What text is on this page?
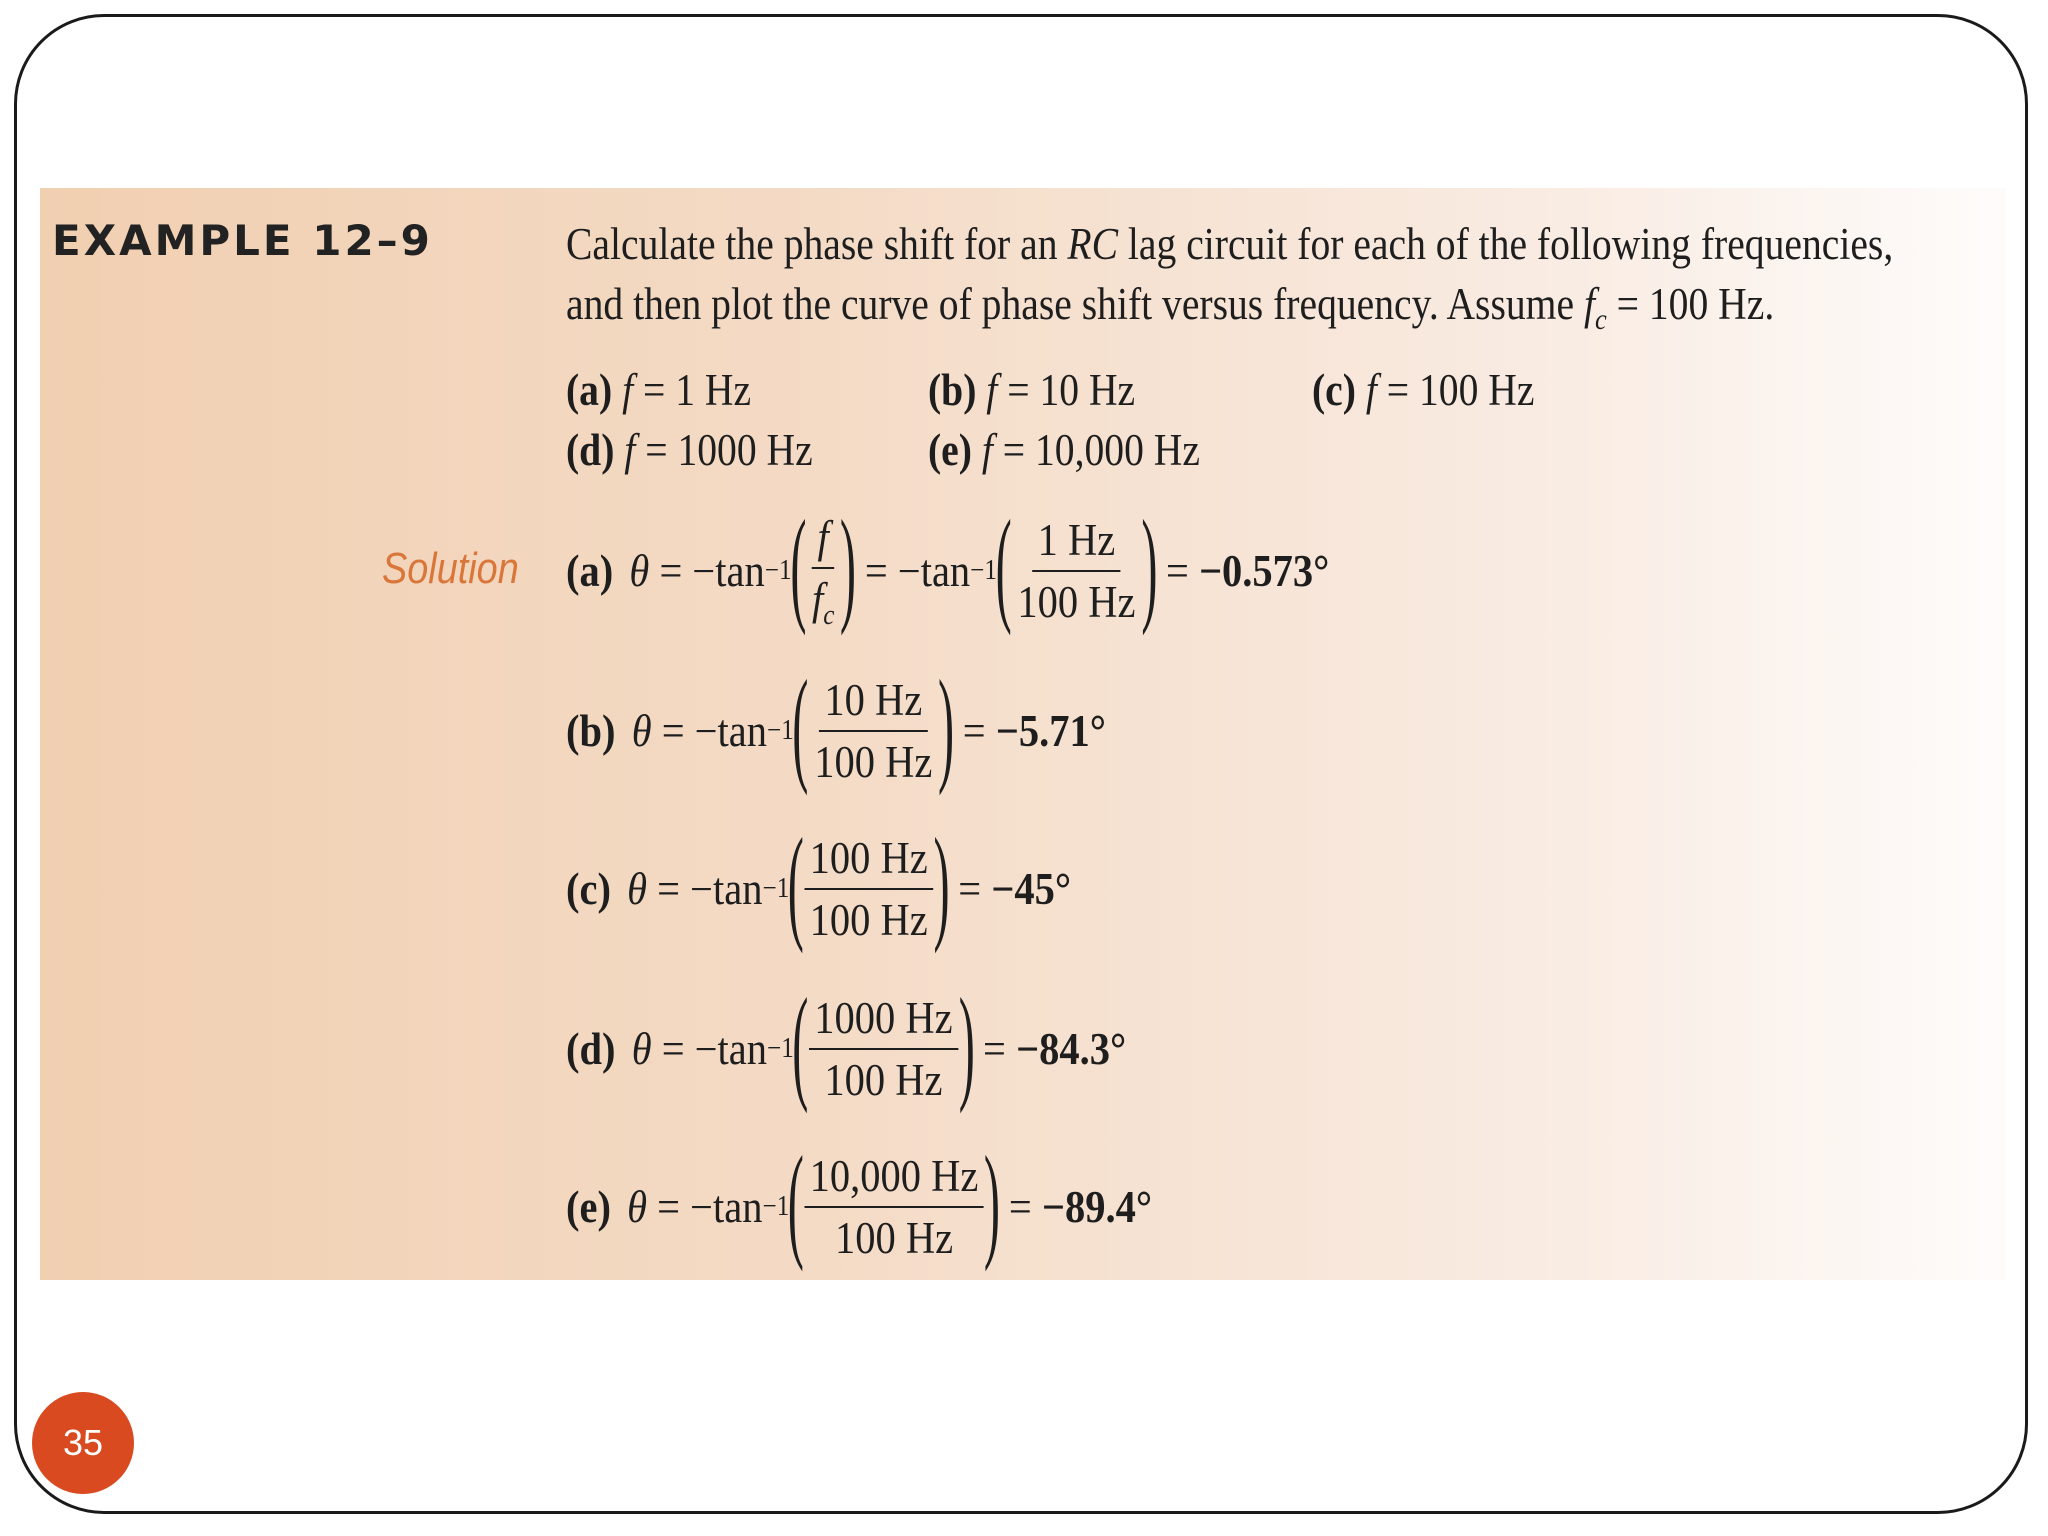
EXAMPLE 12–9	Calculate the phase shift for an RC lag circuit for each of the following frequencies,
and then plot the curve of phase shift versus frequency. Assume $f_c = 100$ Hz.
(a) f = 1 Hz	(b) f = 10 Hz	(c) f = 100 Hz
(d) f = 1000 Hz	(e) f = 10,000 Hz
Solution (a) θ
=
−tan −1
( $\frac{f}{f_c}$ )
=
−tan −1
( $\frac{1 Hz}{100 Hz}$ )
=
−0.573°
(b) θ
=
−tan −1
( $\frac{10 Hz}{100 Hz}$ )
=
−5.71°
(c) θ
=
−tan −1
( $\frac{100 Hz}{100 Hz}$ )
=
−45°
(d) θ
=
−tan −1
( $\frac{1000 Hz}{100 Hz}$ )
=
−84.3°
(e) θ
=
−tan −1
( $\frac{10,000 Hz}{100 Hz}$ )
=
−89.4°
35
